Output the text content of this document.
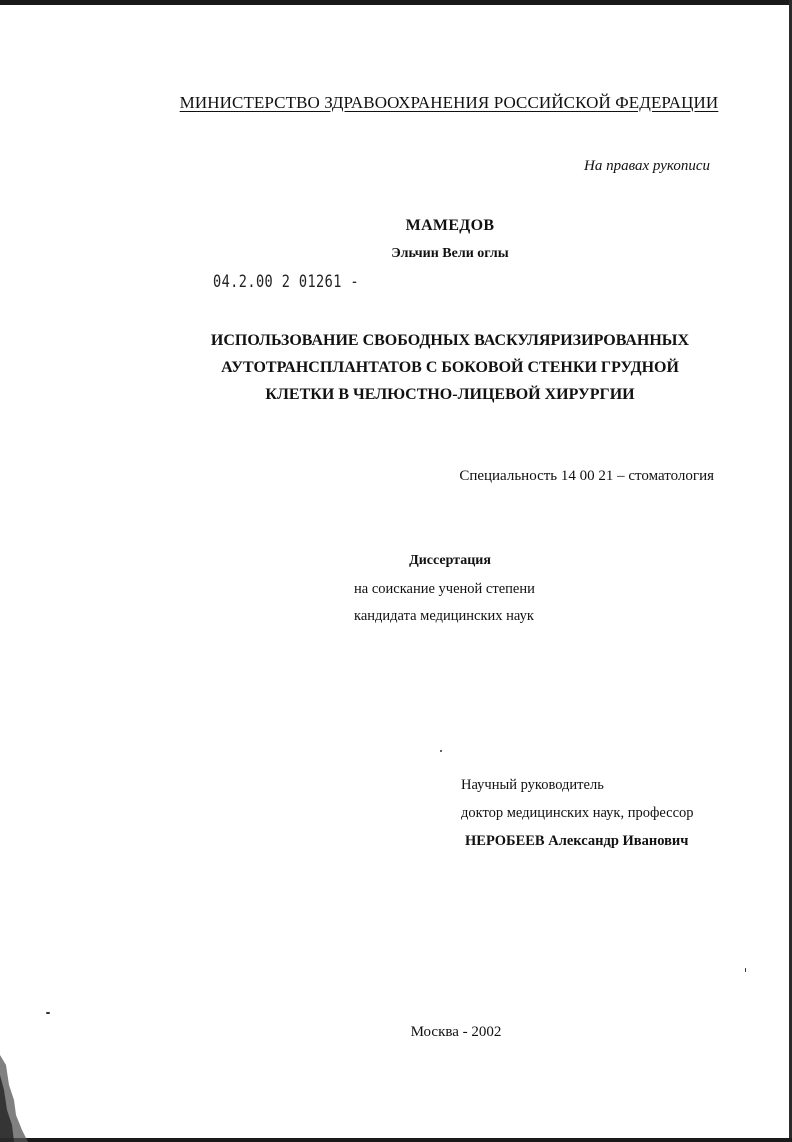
МИНИСТЕРСТВО ЗДРАВООХРАНЕНИЯ РОССИЙСКОЙ ФЕДЕРАЦИИ
На правах рукописи
МАМЕДОВ
Эльчин Вели оглы
04.2.00 2 01261 -
ИСПОЛЬЗОВАНИЕ СВОБОДНЫХ ВАСКУЛЯРИЗИРОВАННЫХ
АУТОТРАНСПЛАНТАТОВ С БОКОВОЙ СТЕНКИ ГРУДНОЙ
КЛЕТКИ В ЧЕЛЮСТНО-ЛИЦЕВОЙ ХИРУРГИИ
Специальность 14 00 21 – стоматология
Диссертация
на соискание ученой степени
кандидата медицинских наук
Научный руководитель
доктор медицинских наук, профессор
НЕРОБЕЕВ Александр Иванович
Москва - 2002
